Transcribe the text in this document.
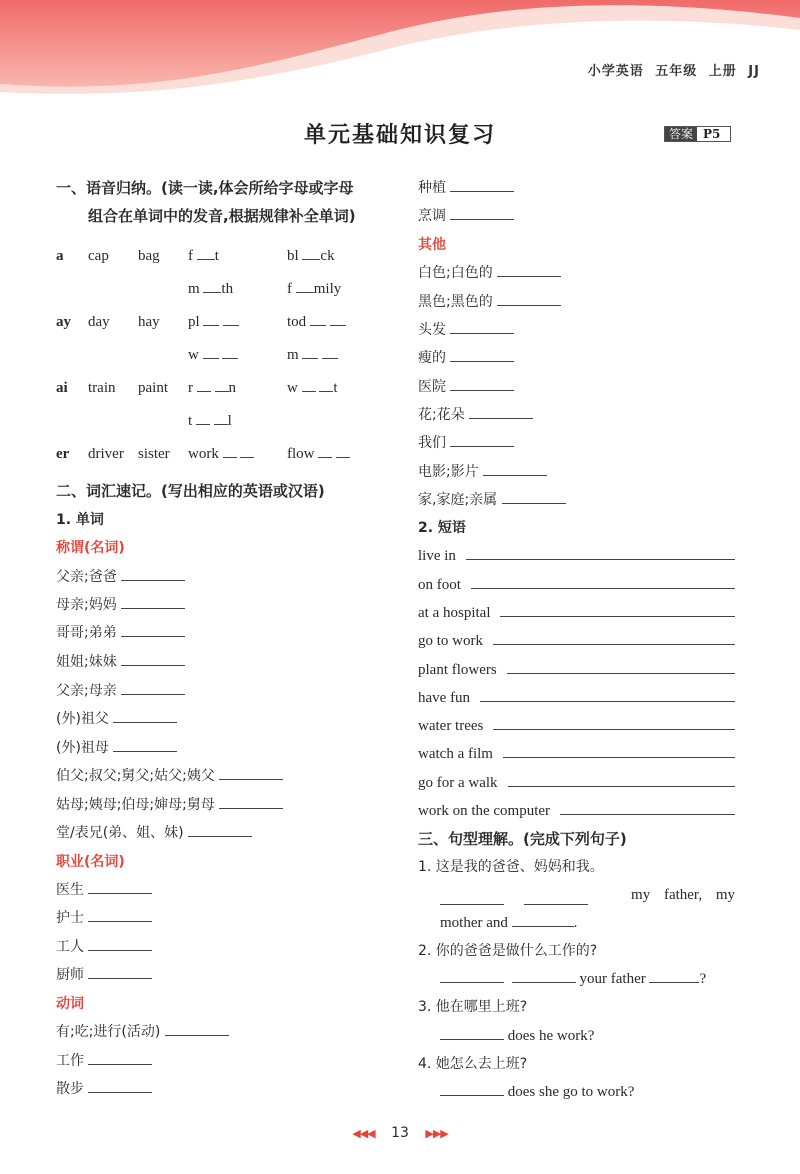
小学英语 五年级 上册 JJ
单元基础知识复习	答案 P5
一、语音归纳。(读一读,体会所给字母或字母
组合在单词中的发音,根据规律补全单词)
a cap bag f t	bl ck
m th	f mily
ay day hay pl	tod
w	m
ai train paint r n	w t
t l
er driver sister work	flow
二、词汇速记。(写出相应的英语或汉语)
1. 单词
称谓(名词)
父亲;爸爸
母亲;妈妈
哥哥;弟弟
姐姐;妹妹
父亲;母亲
(外)祖父
(外)祖母
伯父;叔父;舅父;姑父;姨父
姑母;姨母;伯母;婶母;舅母
堂/表兄(弟、姐、妹)
职业(名词)
医生
护士
工人
厨师
动词
有;吃;进行(活动)
工作
散步
种植
烹调
其他
白色;白色的
黑色;黑色的
头发
瘦的
医院
花;花朵
我们
电影;影片
家,家庭;亲属
2. 短语
live in
on foot
at a hospital
go to work
plant flowers
have fun
water trees
watch a film
go for a walk
work on the computer
三、句型理解。(完成下列句子)
1. 这是我的爸爸、妈妈和我。
my father, my
mother and	.
2. 你的爸爸是做什么工作的?
your father	?
3. 他在哪里上班?
does he work?
4. 她怎么去上班?
does she go to work?
◀◀◀ 13 ▶▶▶
